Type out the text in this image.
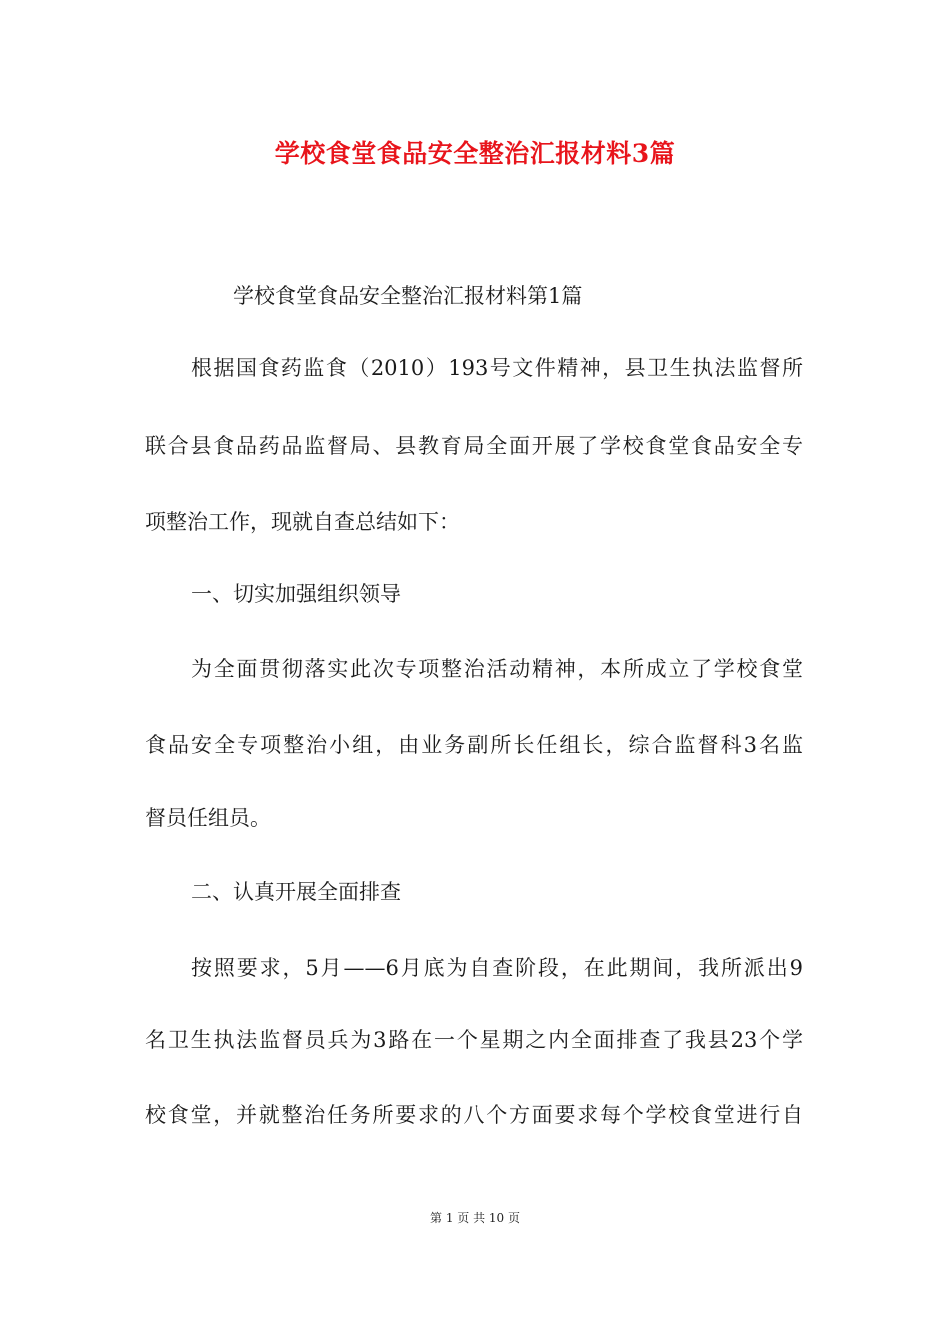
学校食堂食品安全整治汇报材料3篇
学校食堂食品安全整治汇报材料第1篇
根据国食药监食（2010）193号文件精神，县卫生执法监督所
联合县食品药品监督局、县教育局全面开展了学校食堂食品安全专
项整治工作，现就自查总结如下：
一、切实加强组织领导
为全面贯彻落实此次专项整治活动精神，本所成立了学校食堂
食品安全专项整治小组，由业务副所长任组长，综合监督科3名监
督员任组员。
二、认真开展全面排查
按照要求，5月——6月底为自查阶段，在此期间，我所派出9
名卫生执法监督员兵为3路在一个星期之内全面排查了我县23个学
校食堂，并就整治任务所要求的八个方面要求每个学校食堂进行自
第 1 页 共 10 页
